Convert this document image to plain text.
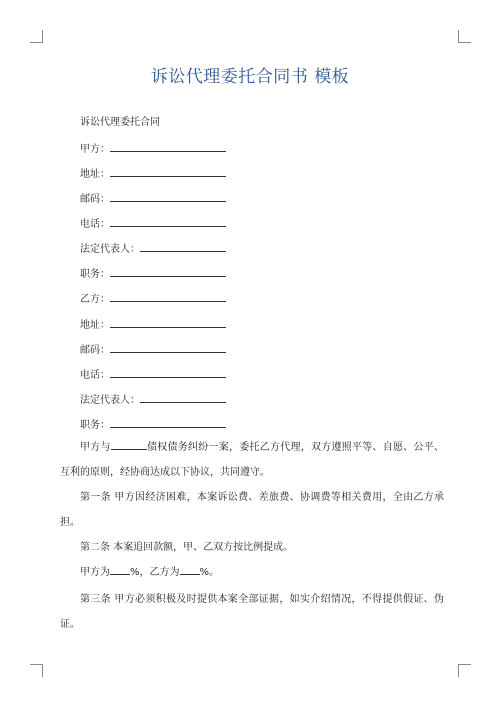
诉讼代理委托合同书 模板
诉讼代理委托合同
甲方：
地址：
邮码：
电话：
法定代表人：
职务：
乙方：
地址：
邮码：
电话：
法定代表人：
职务：
甲方与	债权债务纠纷一案，委托乙方代理，双方遵照平等、自愿、公平、互利的原则，经协商达成以下协议，共同遵守。
第一条 甲方因经济困难，本案诉讼费、差旅费、协调费等相关费用，全由乙方承担。
第二条 本案追回款额，甲、乙双方按比例提成。
甲方为 %，乙方为 %。
第三条 甲方必须积极及时提供本案全部证据，如实介绍情况，不得提供假证、伪证。
